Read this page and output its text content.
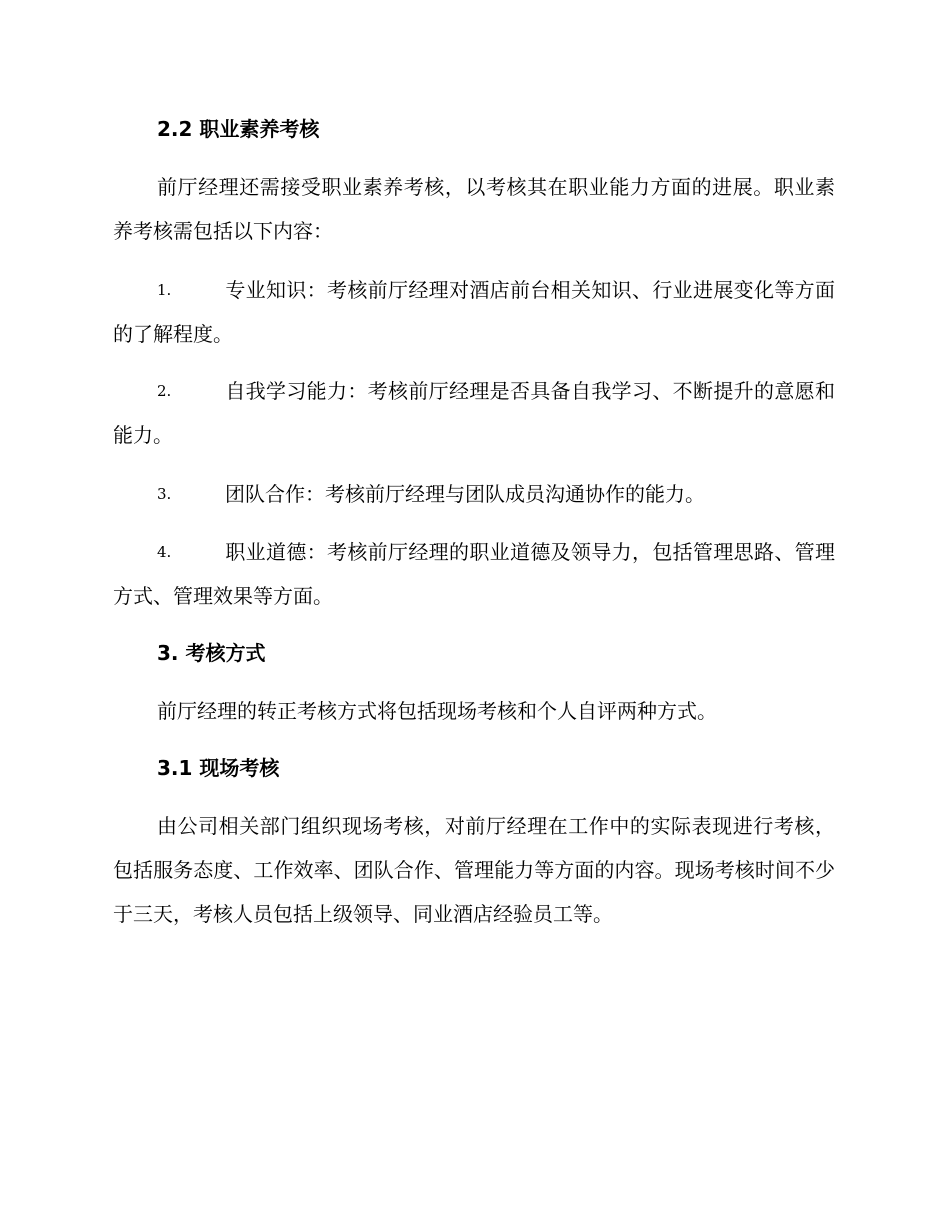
2.2 职业素养考核

前厅经理还需接受职业素养考核，以考核其在职业能力方面的进展。职业素养考核需包括以下内容：

1.	专业知识：考核前厅经理对酒店前台相关知识、行业进展变化等方面的了解程度。

2.	自我学习能力：考核前厅经理是否具备自我学习、不断提升的意愿和能力。

3.	团队合作：考核前厅经理与团队成员沟通协作的能力。

4.	职业道德：考核前厅经理的职业道德及领导力，包括管理思路、管理方式、管理效果等方面。

3. 考核方式

前厅经理的转正考核方式将包括现场考核和个人自评两种方式。

3.1 现场考核

由公司相关部门组织现场考核，对前厅经理在工作中的实际表现进行考核，包括服务态度、工作效率、团队合作、管理能力等方面的内容。现场考核时间不少于三天，考核人员包括上级领导、同业酒店经验员工等。
